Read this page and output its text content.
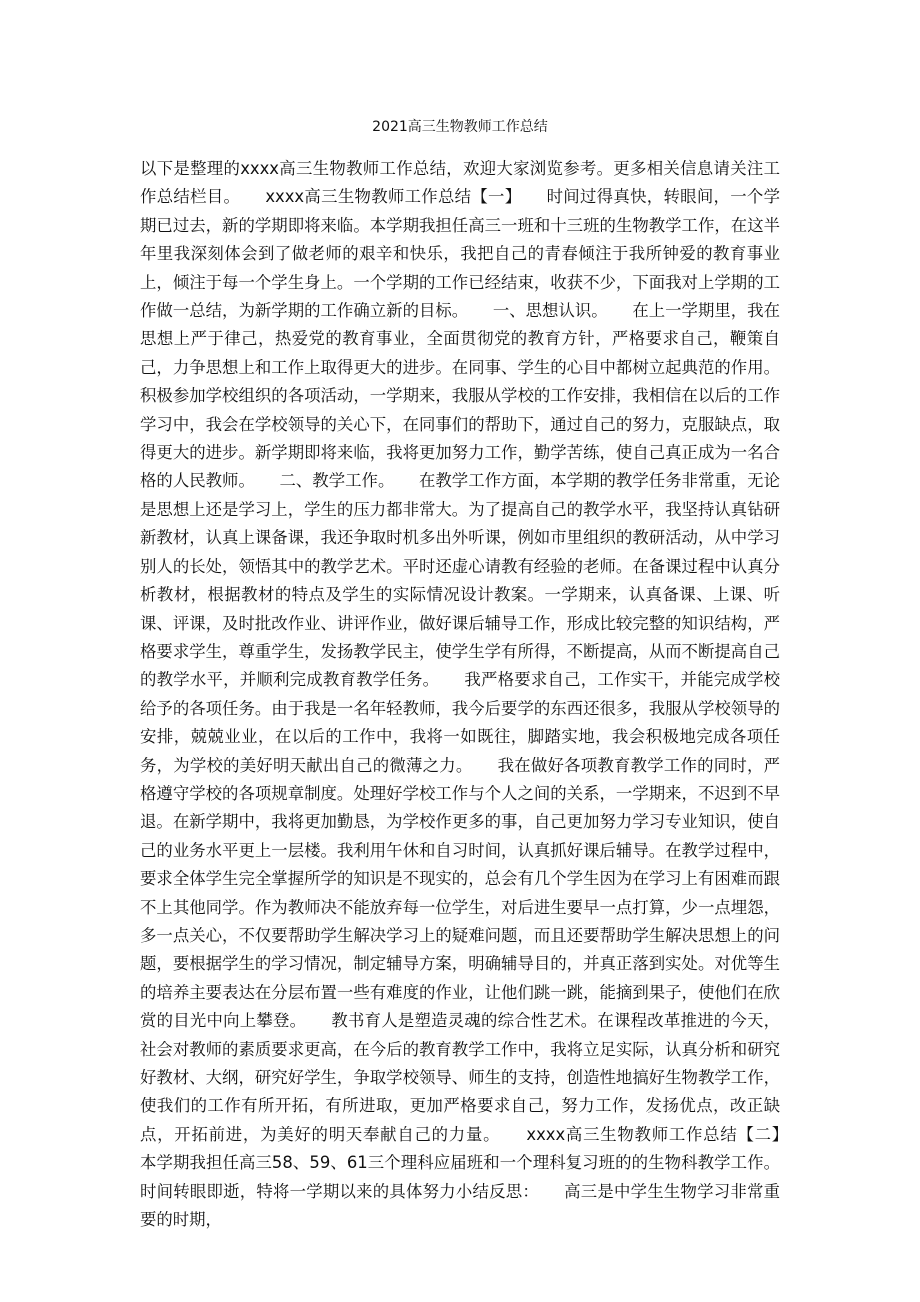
2021高三生物教师工作总结

以下是整理的xxxx高三生物教师工作总结，欢迎大家浏览参考。更多相关信息请关注工作总结栏目。　　xxxx高三生物教师工作总结【一】　　时间过得真快，转眼间，一个学期已过去，新的学期即将来临。本学期我担任高三一班和十三班的生物教学工作，在这半年里我深刻体会到了做老师的艰辛和快乐，我把自己的青春倾注于我所钟爱的教育事业上，倾注于每一个学生身上。一个学期的工作已经结束，收获不少，下面我对上学期的工作做一总结，为新学期的工作确立新的目标。　　一、思想认识。　　在上一学期里，我在思想上严于律己，热爱党的教育事业，全面贯彻党的教育方针，严格要求自己，鞭策自己，力争思想上和工作上取得更大的进步。在同事、学生的心目中都树立起典范的作用。积极参加学校组织的各项活动，一学期来，我服从学校的工作安排，我相信在以后的工作学习中，我会在学校领导的关心下，在同事们的帮助下，通过自己的努力，克服缺点，取得更大的进步。新学期即将来临，我将更加努力工作，勤学苦练，使自己真正成为一名合格的人民教师。　　二、教学工作。　　在教学工作方面，本学期的教学任务非常重，无论是思想上还是学习上，学生的压力都非常大。为了提高自己的教学水平，我坚持认真钻研新教材，认真上课备课，我还争取时机多出外听课，例如市里组织的教研活动，从中学习别人的长处，领悟其中的教学艺术。平时还虚心请教有经验的老师。在备课过程中认真分析教材，根据教材的特点及学生的实际情况设计教案。一学期来，认真备课、上课、听课、评课，及时批改作业、讲评作业，做好课后辅导工作，形成比较完整的知识结构，严格要求学生，尊重学生，发扬教学民主，使学生学有所得，不断提高，从而不断提高自己的教学水平，并顺利完成教育教学任务。　　我严格要求自己，工作实干，并能完成学校给予的各项任务。由于我是一名年轻教师，我今后要学的东西还很多，我服从学校领导的安排，兢兢业业，在以后的工作中，我将一如既往，脚踏实地，我会积极地完成各项任务，为学校的美好明天献出自己的微薄之力。　　我在做好各项教育教学工作的同时，严格遵守学校的各项规章制度。处理好学校工作与个人之间的关系，一学期来，不迟到不早退。在新学期中，我将更加勤恳，为学校作更多的事，自己更加努力学习专业知识，使自己的业务水平更上一层楼。我利用午休和自习时间，认真抓好课后辅导。在教学过程中，要求全体学生完全掌握所学的知识是不现实的，总会有几个学生因为在学习上有困难而跟不上其他同学。作为教师决不能放弃每一位学生，对后进生要早一点打算，少一点埋怨，多一点关心，不仅要帮助学生解决学习上的疑难问题，而且还要帮助学生解决思想上的问题，要根据学生的学习情况，制定辅导方案，明确辅导目的，并真正落到实处。对优等生的培养主要表达在分层布置一些有难度的作业，让他们跳一跳，能摘到果子，使他们在欣赏的目光中向上攀登。　　教书育人是塑造灵魂的综合性艺术。在课程改革推进的今天，社会对教师的素质要求更高，在今后的教育教学工作中，我将立足实际，认真分析和研究好教材、大纲，研究好学生，争取学校领导、师生的支持，创造性地搞好生物教学工作，使我们的工作有所开拓，有所进取，更加严格要求自己，努力工作，发扬优点，改正缺点，开拓前进，为美好的明天奉献自己的力量。　　xxxx高三生物教师工作总结【二】　　本学期我担任高三58、59、61三个理科应届班和一个理科复习班的的生物科教学工作。时间转眼即逝，特将一学期以来的具体努力小结反思：　　高三是中学生生物学习非常重要的时期，
